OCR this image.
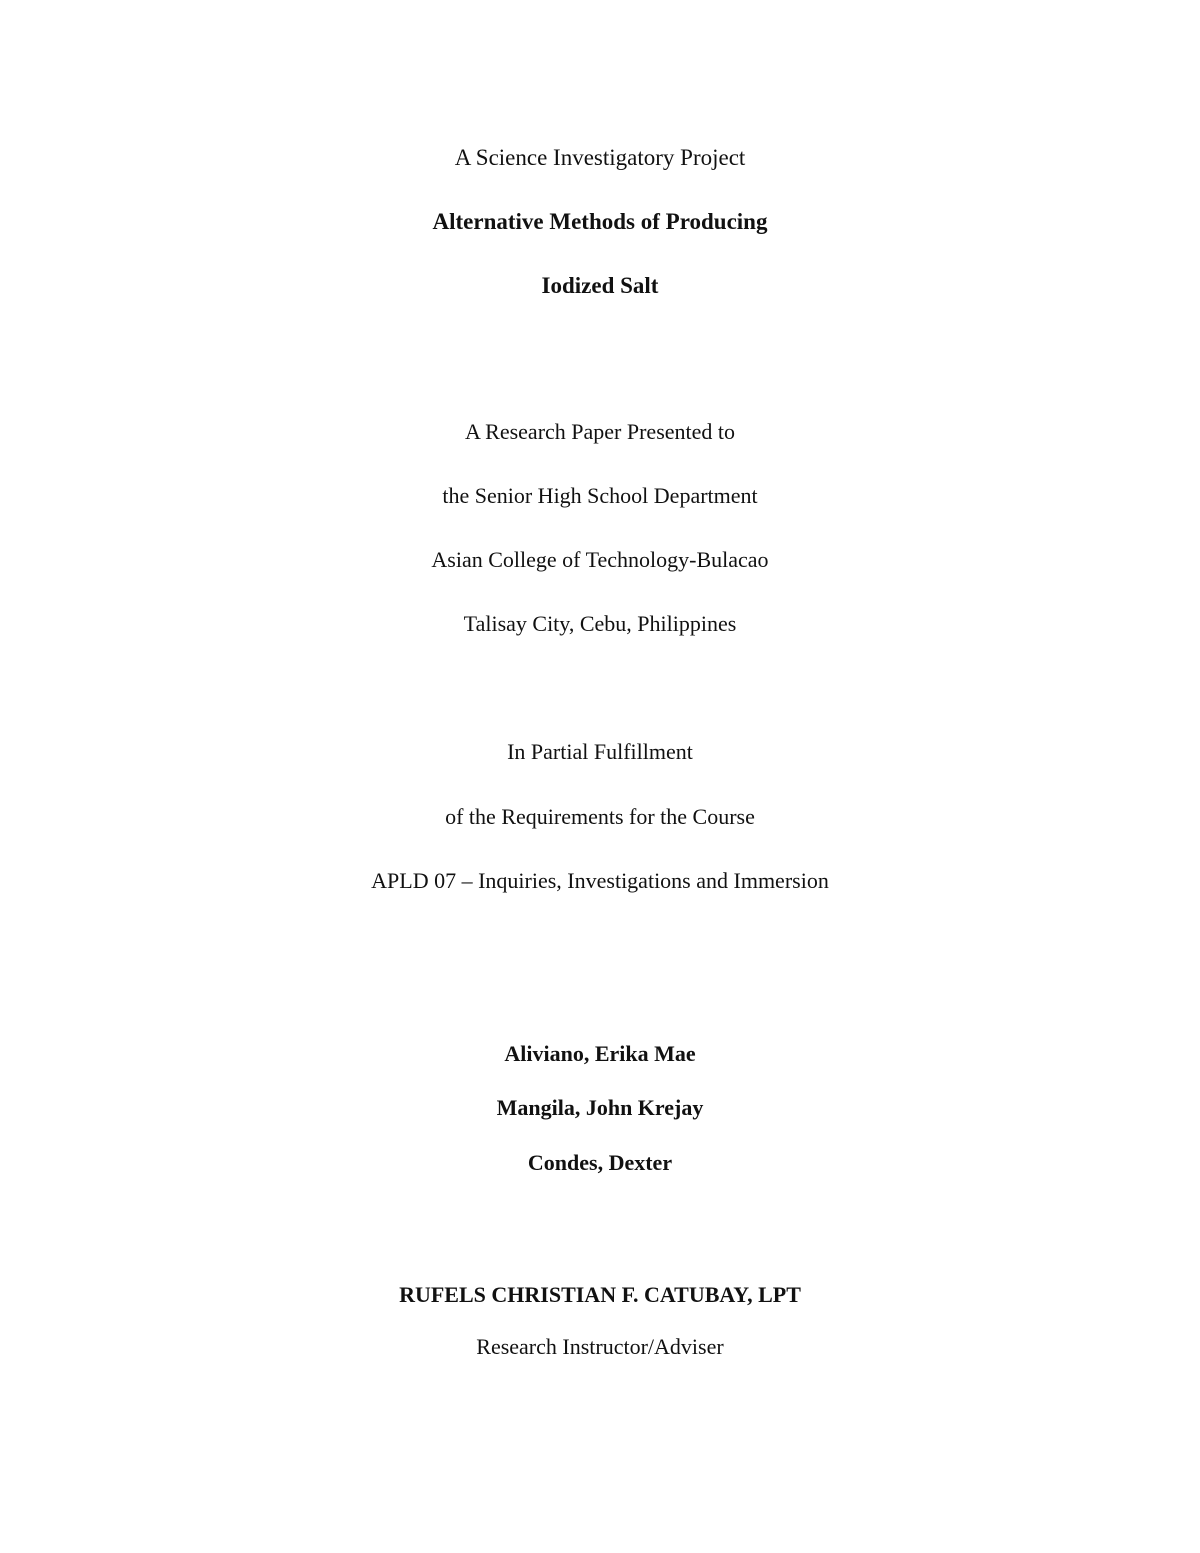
A Science Investigatory Project
Alternative Methods of Producing
Iodized Salt
A Research Paper Presented to
the Senior High School Department
Asian College of Technology-Bulacao
Talisay City, Cebu, Philippines
In Partial Fulfillment
of the Requirements for the Course
APLD 07 – Inquiries, Investigations and Immersion
Aliviano, Erika Mae
Mangila, John Krejay
Condes, Dexter
RUFELS CHRISTIAN F. CATUBAY, LPT
Research Instructor/Adviser
